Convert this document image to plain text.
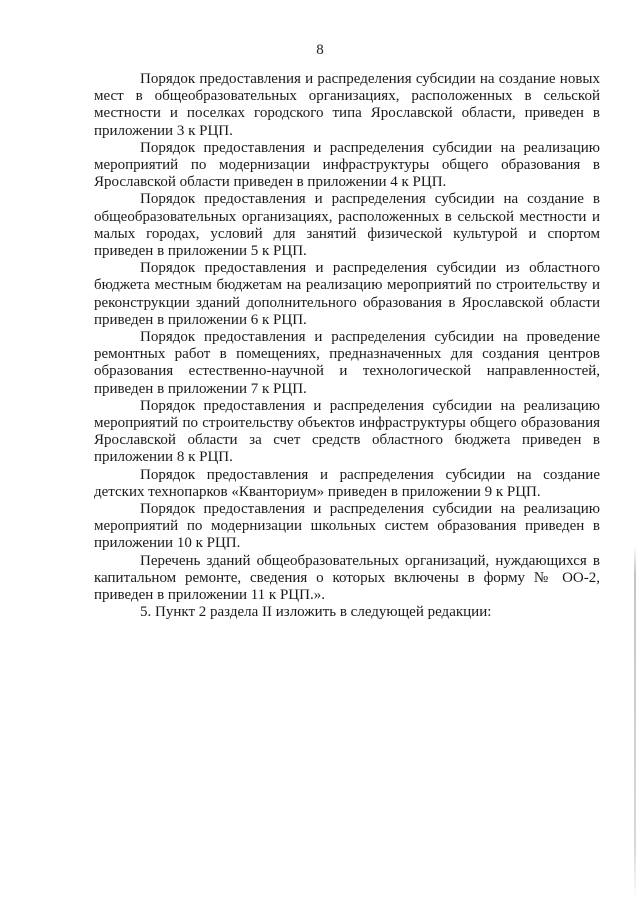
8

Порядок предоставления и распределения субсидии на создание новых мест в общеобразовательных организациях, расположенных в сельской местности и поселках городского типа Ярославской области, приведен в приложении 3 к РЦП.

Порядок предоставления и распределения субсидии на реализацию мероприятий по модернизации инфраструктуры общего образования в Ярославской области приведен в приложении 4 к РЦП.

Порядок предоставления и распределения субсидии на создание в общеобразовательных организациях, расположенных в сельской местности и малых городах, условий для занятий физической культурой и спортом приведен в приложении 5 к РЦП.

Порядок предоставления и распределения субсидии из областного бюджета местным бюджетам на реализацию мероприятий по строительству и реконструкции зданий дополнительного образования в Ярославской области приведен в приложении 6 к РЦП.

Порядок предоставления и распределения субсидии на проведение ремонтных работ в помещениях, предназначенных для создания центров образования естественно-научной и технологической направленностей, приведен в приложении 7 к РЦП.

Порядок предоставления и распределения субсидии на реализацию мероприятий по строительству объектов инфраструктуры общего образования Ярославской области за счет средств областного бюджета приведен в приложении 8 к РЦП.

Порядок предоставления и распределения субсидии на создание детских технопарков «Кванториум» приведен в приложении 9 к РЦП.

Порядок предоставления и распределения субсидии на реализацию мероприятий по модернизации школьных систем образования приведен в приложении 10 к РЦП.

Перечень зданий общеобразовательных организаций, нуждающихся в капитальном ремонте, сведения о которых включены в форму № ОО-2, приведен в приложении 11 к РЦП.».

5. Пункт 2 раздела II изложить в следующей редакции:
